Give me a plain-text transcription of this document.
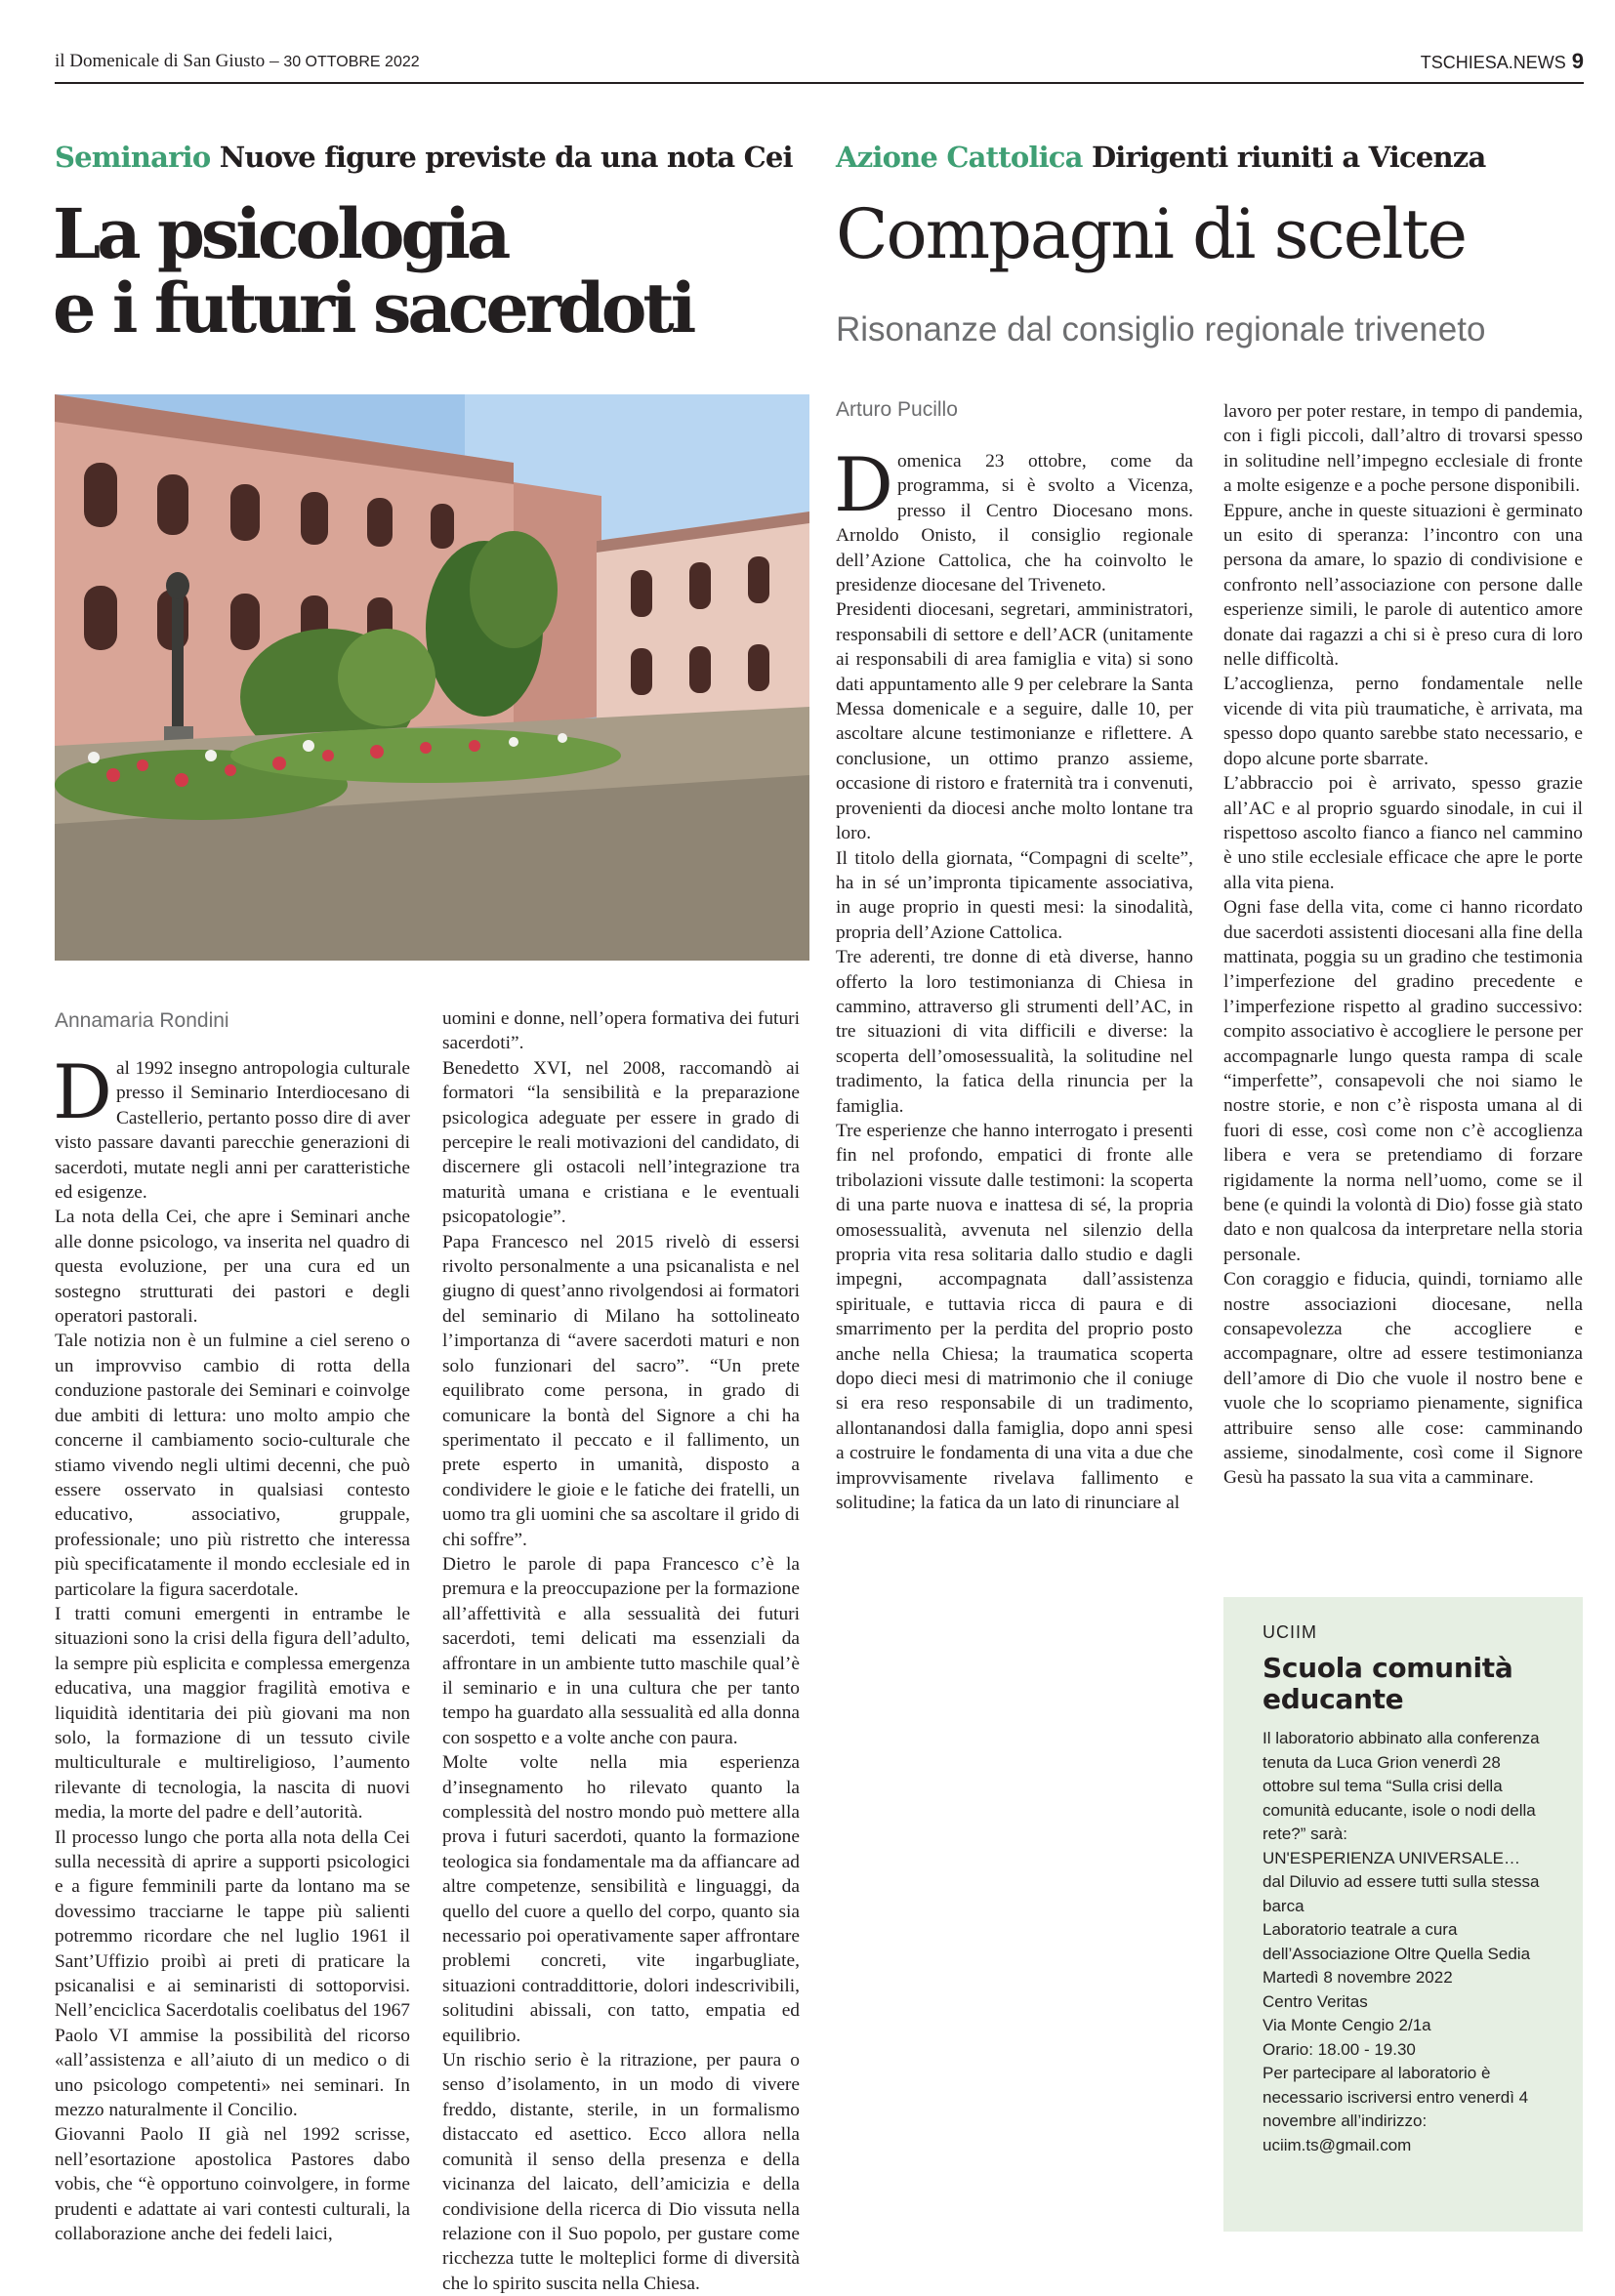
il Domenicale di San Giusto – 30 OTTOBRE 2022	TSCHIESA.NEWS 9
Seminario Nuove figure previste da una nota Cei
La psicologia
e i futuri sacerdoti
Annamaria Rondini

Dal 1992 insegno antropologia culturale presso il Seminario Interdiocesano di Castellerio, pertanto posso dire di aver visto passare davanti parecchie generazioni di sacerdoti, mutate negli anni per caratteristiche ed esigenze.

La nota della Cei, che apre i Seminari anche alle donne psicologo, va inserita nel quadro di questa evoluzione, per una cura ed un sostegno strutturati dei pastori e degli operatori pastorali.

Tale notizia non è un fulmine a ciel sereno o un improvviso cambio di rotta della conduzione pastorale dei Seminari e coinvolge due ambiti di lettura: uno molto ampio che concerne il cambiamento socio-culturale che stiamo vivendo negli ultimi decenni, che può essere osservato in qualsiasi contesto educativo, associativo, gruppale, professionale; uno più ristretto che interessa più specificatamente il mondo ecclesiale ed in particolare la figura sacerdotale.

I tratti comuni emergenti in entrambe le situazioni sono la crisi della figura dell’adulto, la sempre più esplicita e complessa emergenza educativa, una maggior fragilità emotiva e liquidità identitaria dei più giovani ma non solo, la formazione di un tessuto civile multiculturale e multireligioso, l’aumento rilevante di tecnologia, la nascita di nuovi media, la morte del padre e dell’autorità.

Il processo lungo che porta alla nota della Cei sulla necessità di aprire a supporti psicologici e a figure femminili parte da lontano ma se dovessimo tracciarne le tappe più salienti potremmo ricordare che nel luglio 1961 il Sant’Uffizio proibì ai preti di praticare la psicanalisi e ai seminaristi di sottoporvisi. Nell’enciclica Sacerdotalis coelibatus del 1967 Paolo VI ammise la possibilità del ricorso «all’assistenza e all’aiuto di un medico o di uno psicologo competenti» nei seminari. In mezzo naturalmente il Concilio.

Giovanni Paolo II già nel 1992 scrisse, nell’esortazione apostolica Pastores dabo vobis, che “è opportuno coinvolgere, in forme prudenti e adattate ai vari contesti culturali, la collaborazione anche dei fedeli laici,

uomini e donne, nell’opera formativa dei futuri sacerdoti”.

Benedetto XVI, nel 2008, raccomandò ai formatori “la sensibilità e la preparazione psicologica adeguate per essere in grado di percepire le reali motivazioni del candidato, di discernere gli ostacoli nell’integrazione tra maturità umana e cristiana e le eventuali psicopatologie”.

Papa Francesco nel 2015 rivelò di essersi rivolto personalmente a una psicanalista e nel giugno di quest’anno rivolgendosi ai formatori del seminario di Milano ha sottolineato l’importanza di “avere sacerdoti maturi e non solo funzionari del sacro”. “Un prete equilibrato come persona, in grado di comunicare la bontà del Signore a chi ha sperimentato il peccato e il fallimento, un prete esperto in umanità, disposto a condividere le gioie e le fatiche dei fratelli, un uomo tra gli uomini che sa ascoltare il grido di chi soffre”.

Dietro le parole di papa Francesco c’è la premura e la preoccupazione per la formazione all’affettività e alla sessualità dei futuri sacerdoti, temi delicati ma essenziali da affrontare in un ambiente tutto maschile qual’è il seminario e in una cultura che per tanto tempo ha guardato alla sessualità ed alla donna con sospetto e a volte anche con paura.

Molte volte nella mia esperienza d’insegnamento ho rilevato quanto la complessità del nostro mondo può mettere alla prova i futuri sacerdoti, quanto la formazione teologica sia fondamentale ma da affiancare ad altre competenze, sensibilità e linguaggi, da quello del cuore a quello del corpo, quanto sia necessario poi operativamente saper affrontare problemi concreti, vite ingarbugliate, situazioni contraddittorie, dolori indescrivibili, solitudini abissali, con tatto, empatia ed equilibrio.

Un rischio serio è la ritrazione, per paura o senso d’isolamento, in un modo di vivere freddo, distante, sterile, in un formalismo distaccato ed asettico. Ecco allora nella comunità il senso della presenza e della vicinanza del laicato, dell’amicizia e della condivisione della ricerca di Dio vissuta nella relazione con il Suo popolo, per gustare come ricchezza tutte le molteplici forme di diversità che lo spirito suscita nella Chiesa.

Azione Cattolica Dirigenti riuniti a Vicenza
Compagni di scelte
Risonanze dal consiglio regionale triveneto
Arturo Pucillo

Domenica 23 ottobre, come da programma, si è svolto a Vicenza, presso il Centro Diocesano mons. Arnoldo Onisto, il consiglio regionale dell’Azione Cattolica, che ha coinvolto le presidenze diocesane del Triveneto.

Presidenti diocesani, segretari, amministratori, responsabili di settore e dell’ACR (unitamente ai responsabili di area famiglia e vita) si sono dati appuntamento alle 9 per celebrare la Santa Messa domenicale e a seguire, dalle 10, per ascoltare alcune testimonianze e riflettere. A conclusione, un ottimo pranzo assieme, occasione di ristoro e fraternità tra i convenuti, provenienti da diocesi anche molto lontane tra loro.

Il titolo della giornata, “Compagni di scelte”, ha in sé un’impronta tipicamente associativa, in auge proprio in questi mesi: la sinodalità, propria dell’Azione Cattolica.

Tre aderenti, tre donne di età diverse, hanno offerto la loro testimonianza di Chiesa in cammino, attraverso gli strumenti dell’AC, in tre situazioni di vita difficili e diverse: la scoperta dell’omosessualità, la solitudine nel tradimento, la fatica della rinuncia per la famiglia.

Tre esperienze che hanno interrogato i presenti fin nel profondo, empatici di fronte alle tribolazioni vissute dalle testimoni: la scoperta di una parte nuova e inattesa di sé, la propria omosessualità, avvenuta nel silenzio della propria vita resa solitaria dallo studio e dagli impegni, accompagnata dall’assistenza spirituale, e tuttavia ricca di paura e di smarrimento per la perdita del proprio posto anche nella Chiesa; la traumatica scoperta dopo dieci mesi di matrimonio che il coniuge si era reso responsabile di un tradimento, allontanandosi dalla famiglia, dopo anni spesi a costruire le fondamenta di una vita a due che improvvisamente rivelava fallimento e solitudine; la fatica da un lato di rinunciare al

lavoro per poter restare, in tempo di pandemia, con i figli piccoli, dall’altro di trovarsi spesso in solitudine nell’impegno ecclesiale di fronte a molte esigenze e a poche persone disponibili.

Eppure, anche in queste situazioni è germinato un esito di speranza: l’incontro con una persona da amare, lo spazio di condivisione e confronto nell’associazione con persone dalle esperienze simili, le parole di autentico amore donate dai ragazzi a chi si è preso cura di loro nelle difficoltà.

L’accoglienza, perno fondamentale nelle vicende di vita più traumatiche, è arrivata, ma spesso dopo quanto sarebbe stato necessario, e dopo alcune porte sbarrate.

L’abbraccio poi è arrivato, spesso grazie all’AC e al proprio sguardo sinodale, in cui il rispettoso ascolto fianco a fianco nel cammino è uno stile ecclesiale efficace che apre le porte alla vita piena.

Ogni fase della vita, come ci hanno ricordato due sacerdoti assistenti diocesani alla fine della mattinata, poggia su un gradino che testimonia l’imperfezione del gradino precedente e l’imperfezione rispetto al gradino successivo: compito associativo è accogliere le persone per accompagnarle lungo questa rampa di scale “imperfette”, consapevoli che noi siamo le nostre storie, e non c’è risposta umana al di fuori di esse, così come non c’è accoglienza libera e vera se pretendiamo di forzare rigidamente la norma nell’uomo, come se il bene (e quindi la volontà di Dio) fosse già stato dato e non qualcosa da interpretare nella storia personale.

Con coraggio e fiducia, quindi, torniamo alle nostre associazioni diocesane, nella consapevolezza che accogliere e accompagnare, oltre ad essere testimonianza dell’amore di Dio che vuole il nostro bene e vuole che lo scopriamo pienamente, significa attribuire senso alle cose: camminando assieme, sinodalmente, così come il Signore Gesù ha passato la sua vita a camminare.

UCIIM
Scuola comunità
educante

Il laboratorio abbinato alla conferenza tenuta da Luca Grion venerdì 28 ottobre sul tema “Sulla crisi della comunità educante, isole o nodi della rete?” sarà:

UN'ESPERIENZA UNIVERSALE…

dal Diluvio ad essere tutti sulla stessa barca

Laboratorio teatrale a cura dell’Associazione Oltre Quella Sedia

Martedì 8 novembre 2022

Centro Veritas

Via Monte Cengio 2/1a

Orario: 18.00 - 19.30

Per partecipare al laboratorio è necessario iscriversi entro venerdì 4 novembre all’indirizzo:

uciim.ts@gmail.com
